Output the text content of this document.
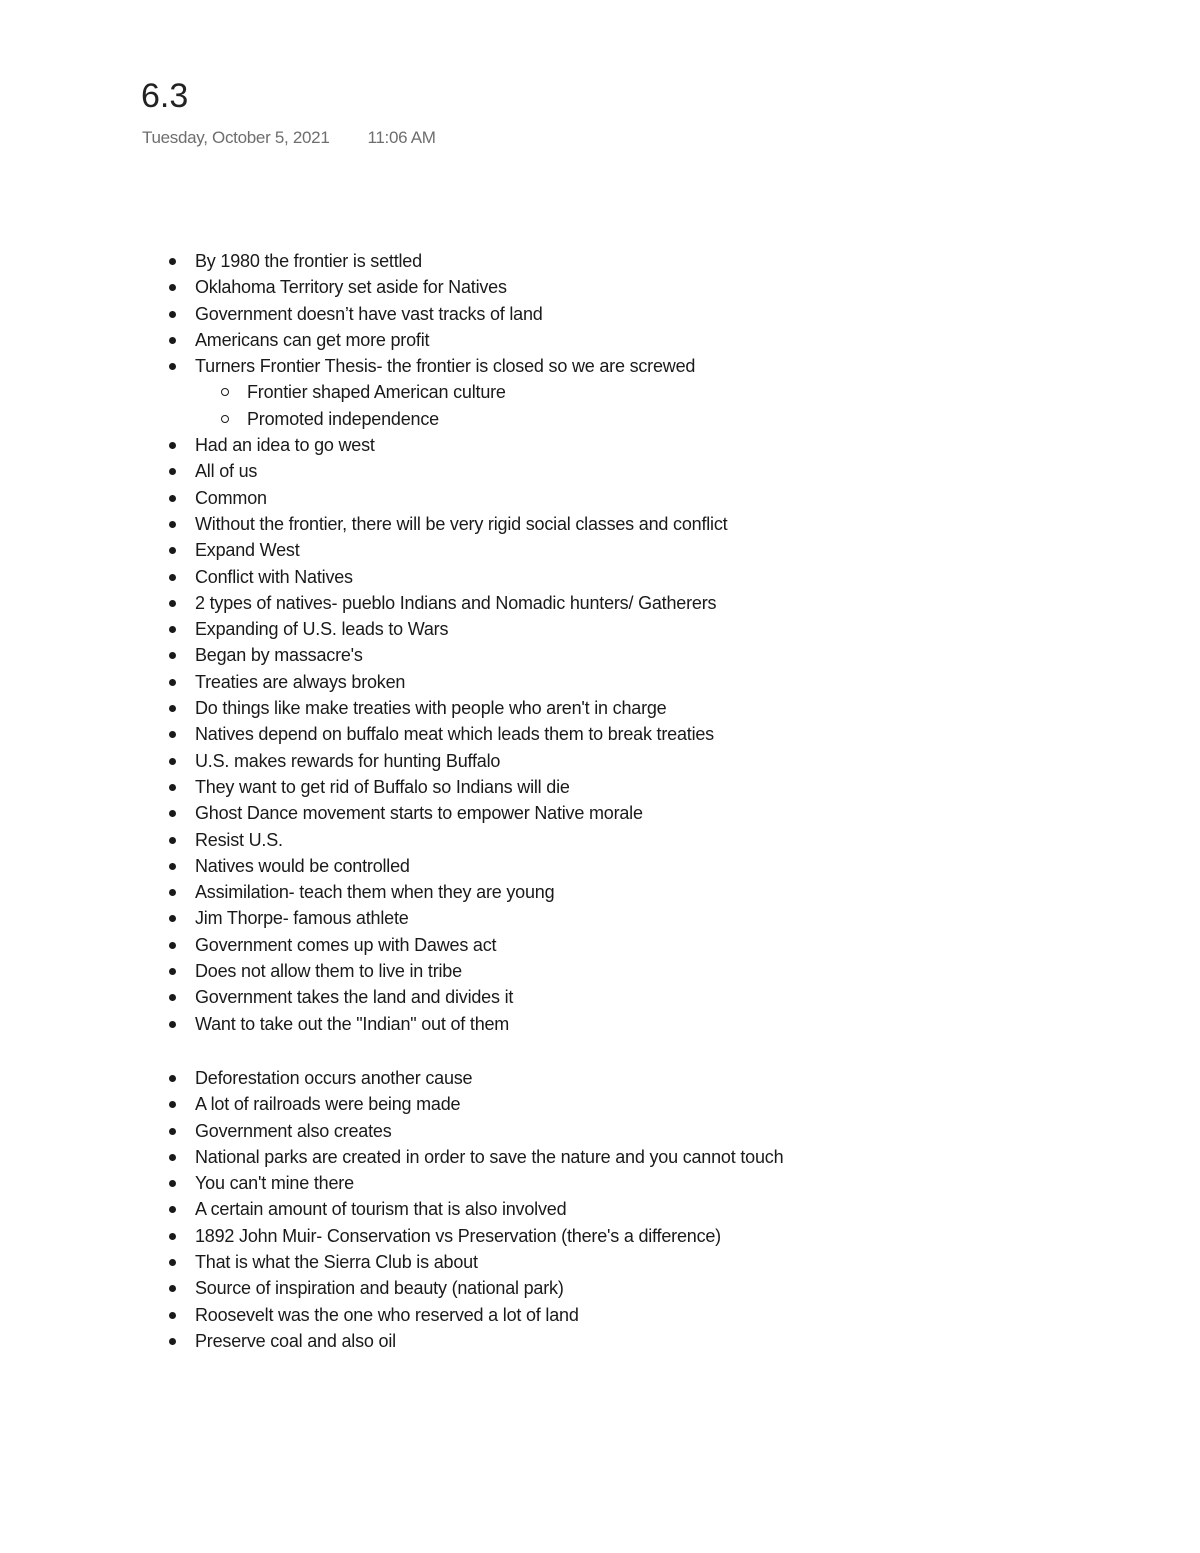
6.3
Tuesday, October 5, 2021 11:06 AM
By 1980 the frontier is settled
Oklahoma Territory set aside for Natives
Government doesn’t have vast tracks of land
Americans can get more profit
Turners Frontier Thesis- the frontier is closed so we are screwed
Frontier shaped American culture
Promoted independence
Had an idea to go west
All of us
Common
Without the frontier, there will be very rigid social classes and conflict
Expand West
Conflict with Natives
2 types of natives- pueblo Indians and Nomadic hunters/ Gatherers
Expanding of U.S. leads to Wars
Began by massacre's
Treaties are always broken
Do things like make treaties with people who aren't in charge
Natives depend on buffalo meat which leads them to break treaties
U.S. makes rewards for hunting Buffalo
They want to get rid of Buffalo so Indians will die
Ghost Dance movement starts to empower Native morale
Resist U.S.
Natives would be controlled
Assimilation- teach them when they are young
Jim Thorpe- famous athlete
Government comes up with Dawes act
Does not allow them to live in tribe
Government takes the land and divides it
Want to take out the "Indian" out of them
Deforestation occurs another cause
A lot of railroads were being made
Government also creates
National parks are created in order to save the nature and you cannot touch
You can't mine there
A certain amount of tourism that is also involved
1892 John Muir- Conservation vs Preservation (there's a difference)
That is what the Sierra Club is about
Source of inspiration and beauty (national park)
Roosevelt was the one who reserved a lot of land
Preserve coal and also oil
